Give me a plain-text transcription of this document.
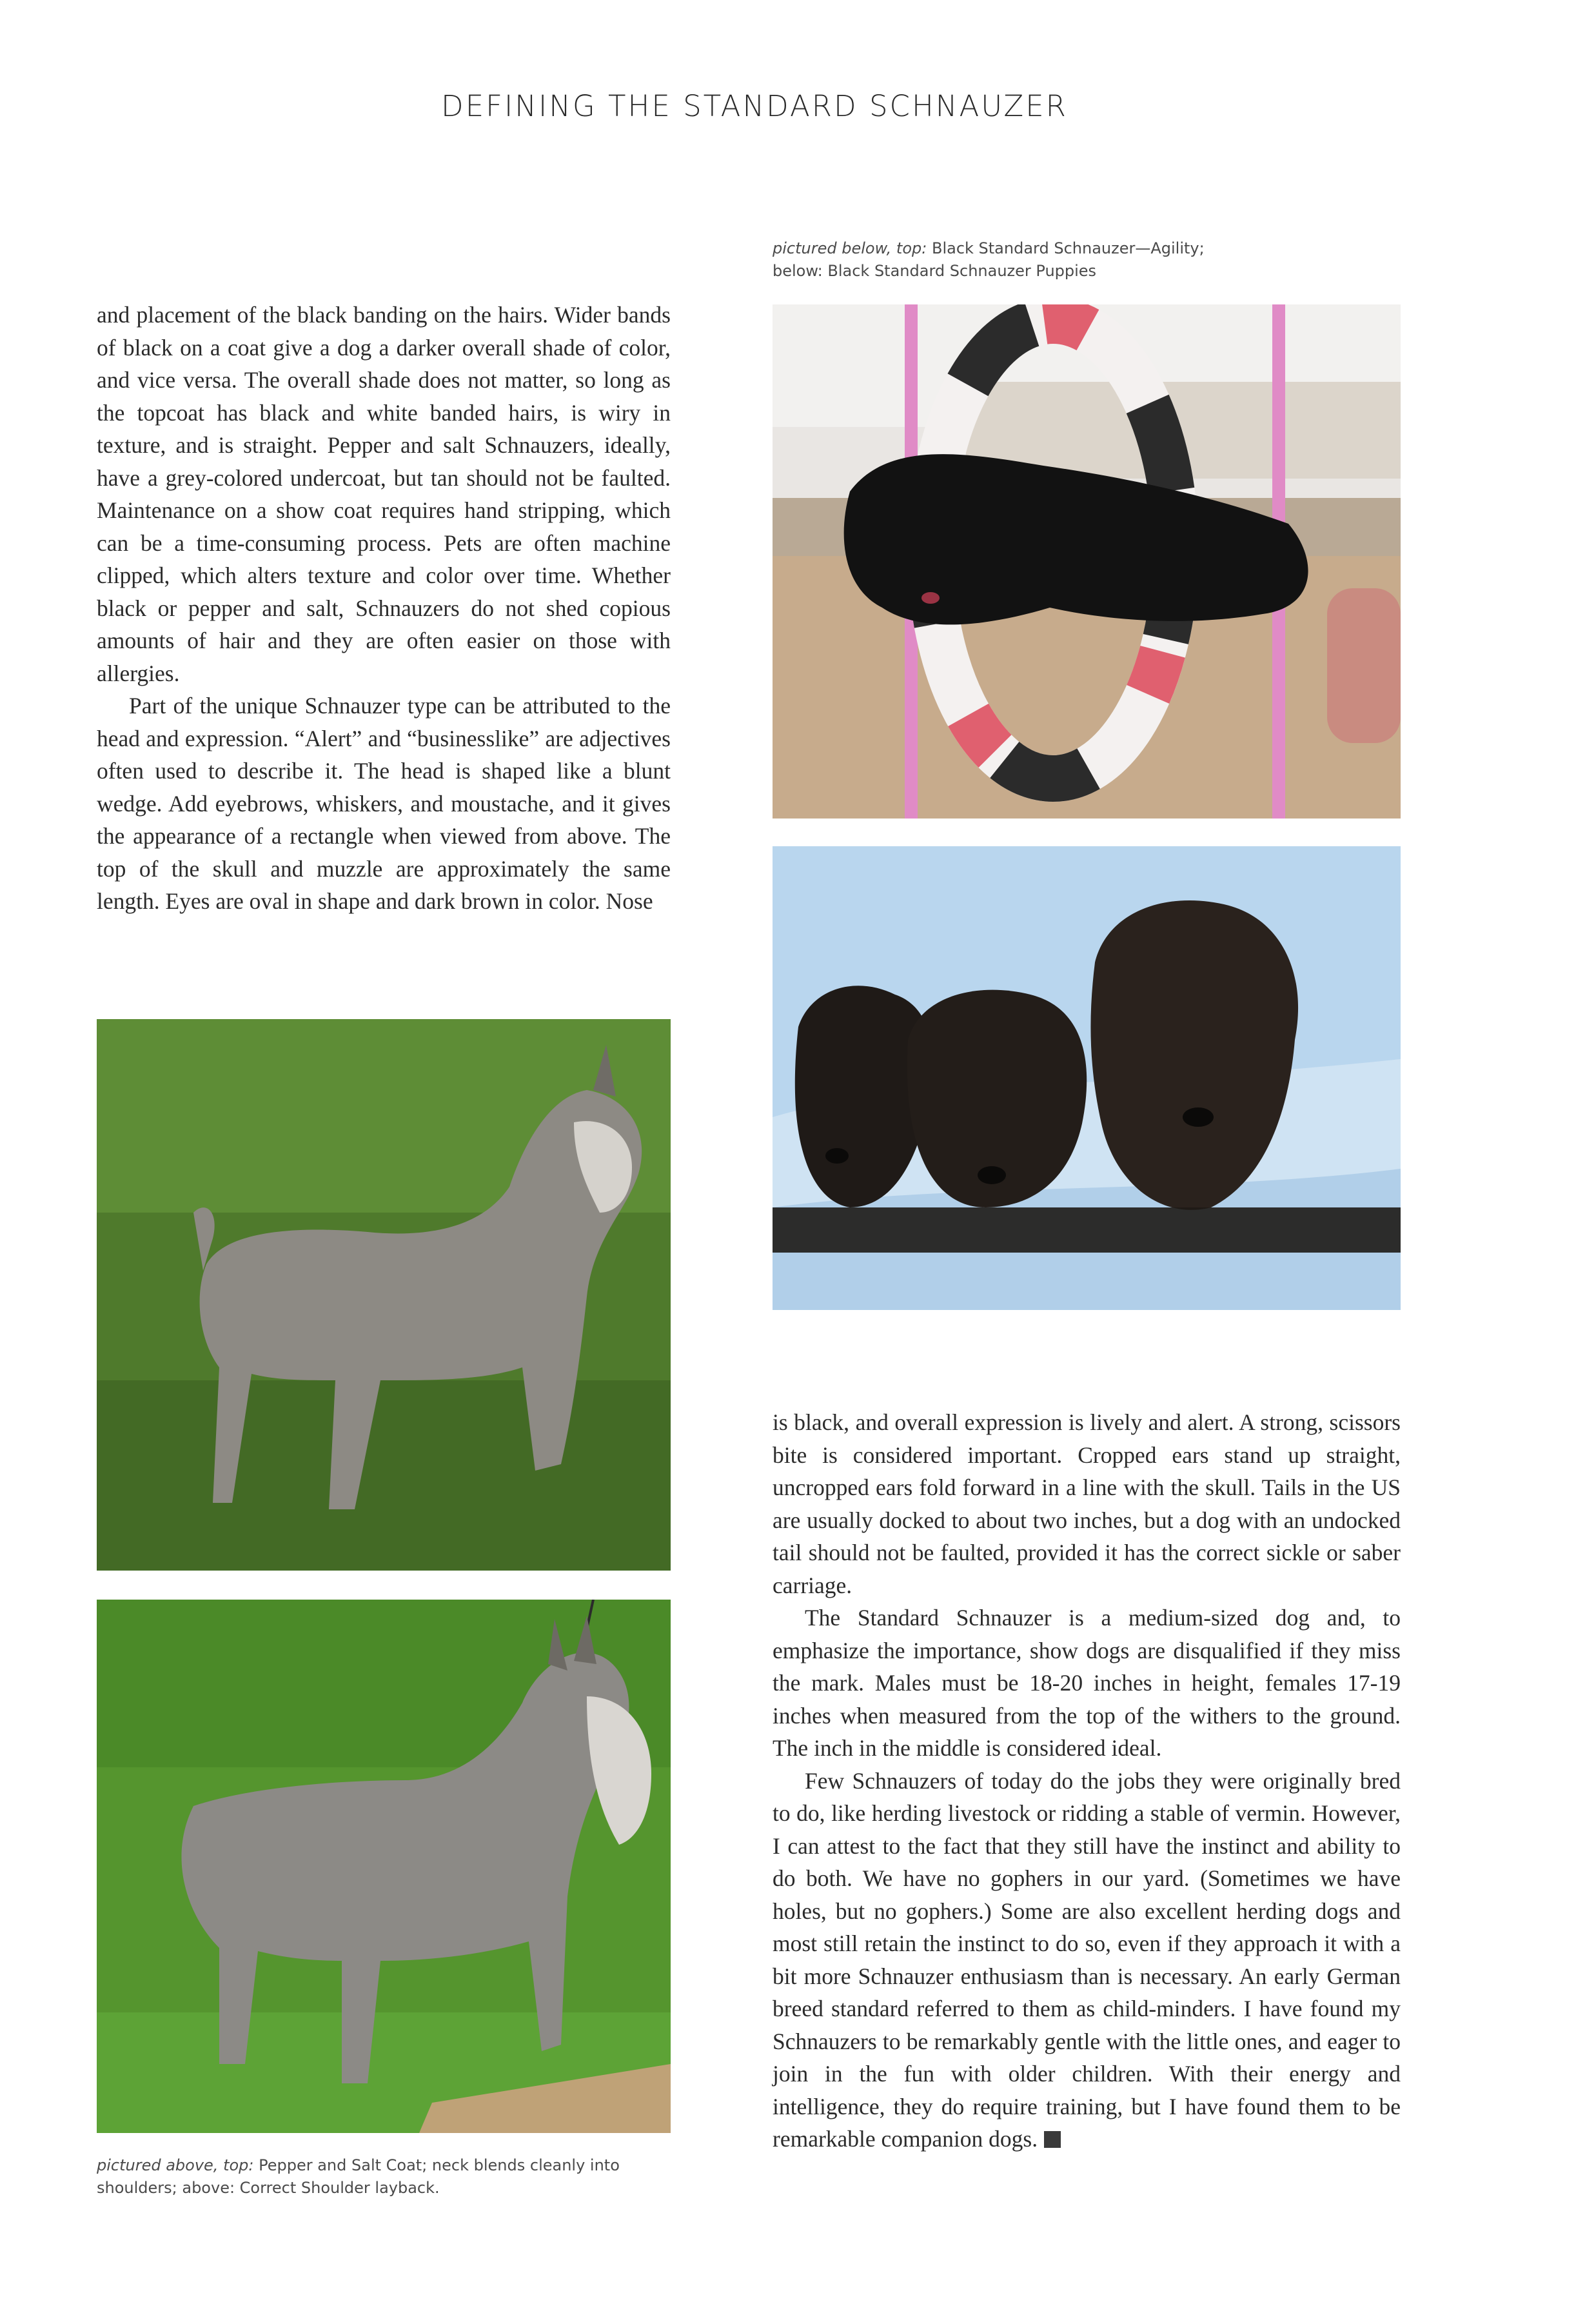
DEFINING THE STANDARD SCHNAUZER
pictured below, top: Black Standard Schnauzer—Agility;
below: Black Standard Schnauzer Puppies

and placement of the black banding on the hairs. Wider bands of black on a coat give a dog a darker overall shade of color, and vice versa. The overall shade does not matter, so long as the topcoat has black and white banded hairs, is wiry in texture, and is straight. Pepper and salt Schnauzers, ideally, have a grey-colored undercoat, but tan should not be faulted. Maintenance on a show coat requires hand stripping, which can be a time-consuming process. Pets are often machine clipped, which alters texture and color over time. Whether black or pepper and salt, Schnauzers do not shed copious amounts of hair and they are often easier on those with allergies.

Part of the unique Schnauzer type can be attributed to the head and expression. “Alert” and “businesslike” are adjectives often used to describe it. The head is shaped like a blunt wedge. Add eyebrows, whiskers, and moustache, and it gives the appearance of a rectangle when viewed from above. The top of the skull and muzzle are approximately the same length. Eyes are oval in shape and dark brown in color. Nose

is black, and overall expression is lively and alert. A strong, scissors bite is considered important. Cropped ears stand up straight, uncropped ears fold forward in a line with the skull. Tails in the US are usually docked to about two inches, but a dog with an undocked tail should not be faulted, provided it has the correct sickle or saber carriage.

The Standard Schnauzer is a medium-sized dog and, to emphasize the importance, show dogs are disqualified if they miss the mark. Males must be 18-20 inches in height, females 17-19 inches when measured from the top of the withers to the ground. The inch in the middle is considered ideal.

Few Schnauzers of today do the jobs they were originally bred to do, like herding livestock or ridding a stable of vermin. However, I can attest to the fact that they still have the instinct and ability to do both. We have no gophers in our yard. (Sometimes we have holes, but no gophers.) Some are also excellent herding dogs and most still retain the instinct to do so, even if they approach it with a bit more Schnauzer enthusiasm than is necessary. An early German breed standard referred to them as child-minders. I have found my Schnauzers to be remarkably gentle with the little ones, and eager to join in the fun with older children. With their energy and intelligence, they do require training, but I have found them to be remarkable companion dogs.

pictured above, top: Pepper and Salt Coat; neck blends cleanly into
shoulders; above: Correct Shoulder layback.
